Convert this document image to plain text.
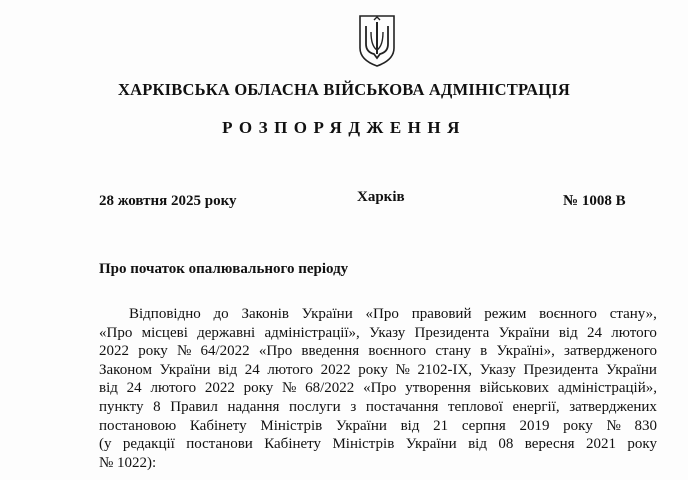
ХАРКІВСЬКА ОБЛАСНА ВІЙСЬКОВА АДМІНІСТРАЦІЯ
РОЗПОРЯДЖЕННЯ
28 жовтня 2025 року	Харків	№ 1008 В
Про початок опалювального періоду
Відповідно до Законів України «Про правовий режим воєнного стану»,
«Про місцеві державні адміністрації», Указу Президента України від 24 лютого
2022 року № 64/2022 «Про введення воєнного стану в Україні», затвердженого
Законом України від 24 лютого 2022 року № 2102-IX, Указу Президента України
від 24 лютого 2022 року № 68/2022 «Про утворення військових адміністрацій»,
пункту 8 Правил надання послуги з постачання теплової енергії, затверджених
постановою Кабінету Міністрів України від 21 серпня 2019 року № 830
(у редакції постанови Кабінету Міністрів України від 08 вересня 2021 року
№ 1022):
